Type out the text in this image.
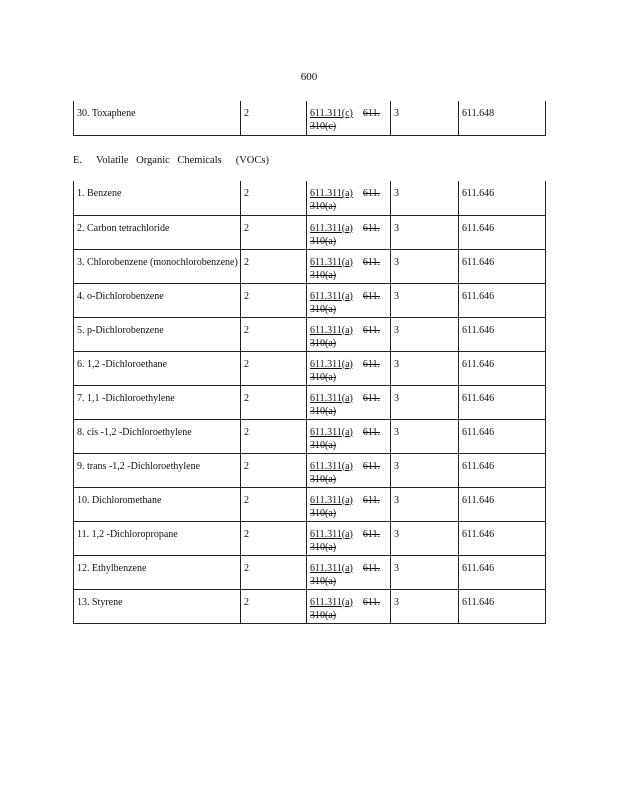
600
30. Toxaphene	2	611.311(c) 611.
310(c)	3	611.648
E. Volatile Organic Chemicals (VOCs)
1. Benzene	2	611.311(a) 611.
310(a)	3	611.646
2. Carbon tetrachloride	2	611.311(a) 611.
310(a)	3	611.646
3. Chlorobenzene (monochlorobenzene)	2	611.311(a) 611.
310(a)	3	611.646
4. o-Dichlorobenzene	2	611.311(a) 611.
310(a)	3	611.646
5. p-Dichlorobenzene	2	611.311(a) 611.
310(a)	3	611.646
6. 1,2 -Dichloroethane	2	611.311(a) 611.
310(a)	3	611.646
7. 1,1 -Dichloroethylene	2	611.311(a) 611.
310(a)	3	611.646
8. cis -1,2 -Dichloroethylene	2	611.311(a) 611.
310(a)	3	611.646
9. trans -1,2 -Dichloroethylene	2	611.311(a) 611.
310(a)	3	611.646
10. Dichloromethane	2	611.311(a) 611.
310(a)	3	611.646
11. 1,2 -Dichloropropane	2	611.311(a) 611.
310(a)	3	611.646
12. Ethylbenzene	2	611.311(a) 611.
310(a)	3	611.646
13. Styrene	2	611.311(a) 611.
310(a)	3	611.646
